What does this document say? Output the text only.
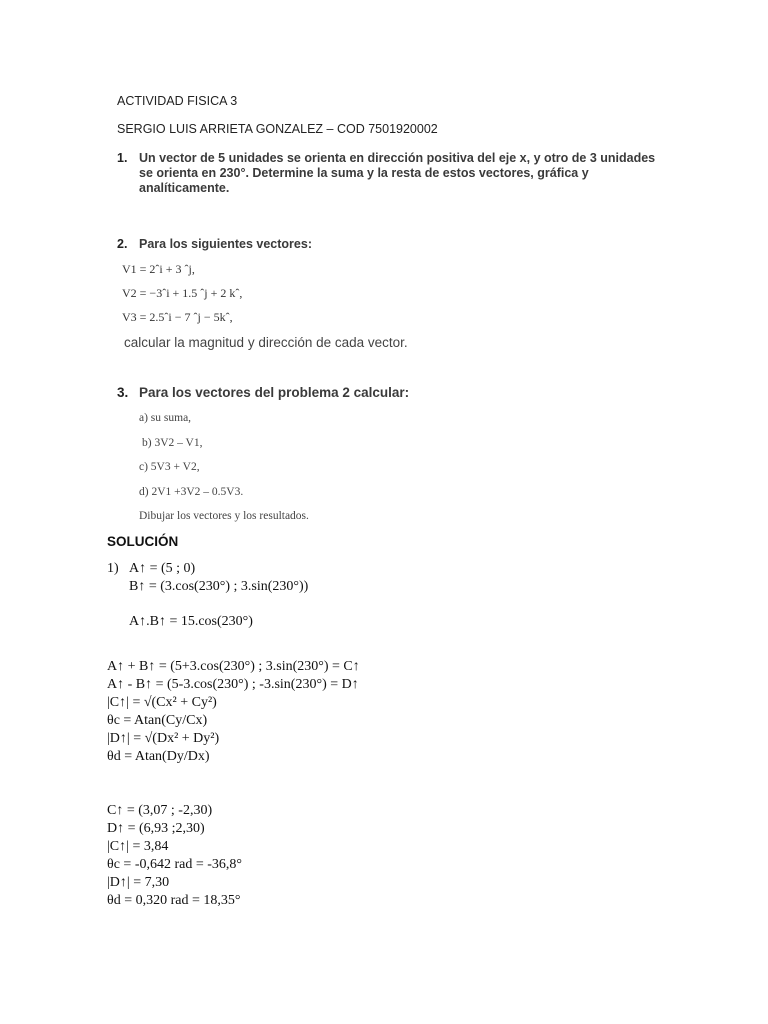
ACTIVIDAD FISICA 3
SERGIO LUIS ARRIETA GONZALEZ – COD 7501920002
1. Un vector de 5 unidades se orienta en dirección positiva del eje x, y otro de 3 unidades
se orienta en 230°. Determine la suma y la resta de estos vectores, gráfica y
analíticamente.
2. Para los siguientes vectores:
V1 = 2ˆi + 3 ˆj,
V2 = −3ˆi + 1.5 ˆj + 2 kˆ,
V3 = 2.5ˆi − 7 ˆj − 5kˆ,
calcular la magnitud y dirección de cada vector.
3. Para los vectores del problema 2 calcular:
a) su suma,
b) 3V2 – V1,
c) 5V3 + V2,
d) 2V1 +3V2 – 0.5V3.
Dibujar los vectores y los resultados.
SOLUCIÓN
1) A↑ = (5 ; 0)
B↑ = (3.cos(230°) ; 3.sin(230°))
A↑.B↑ = 15.cos(230°)
A↑ + B↑ = (5+3.cos(230°) ; 3.sin(230°) = C↑
A↑ - B↑ = (5-3.cos(230°) ; -3.sin(230°) = D↑
|C↑| = √(Cx² + Cy²)
θc = Atan(Cy/Cx)
|D↑| = √(Dx² + Dy²)
θd = Atan(Dy/Dx)
C↑ = (3,07 ; -2,30)
D↑ = (6,93 ;2,30)
|C↑| = 3,84
θc = -0,642 rad = -36,8°
|D↑| = 7,30
θd = 0,320 rad = 18,35°
